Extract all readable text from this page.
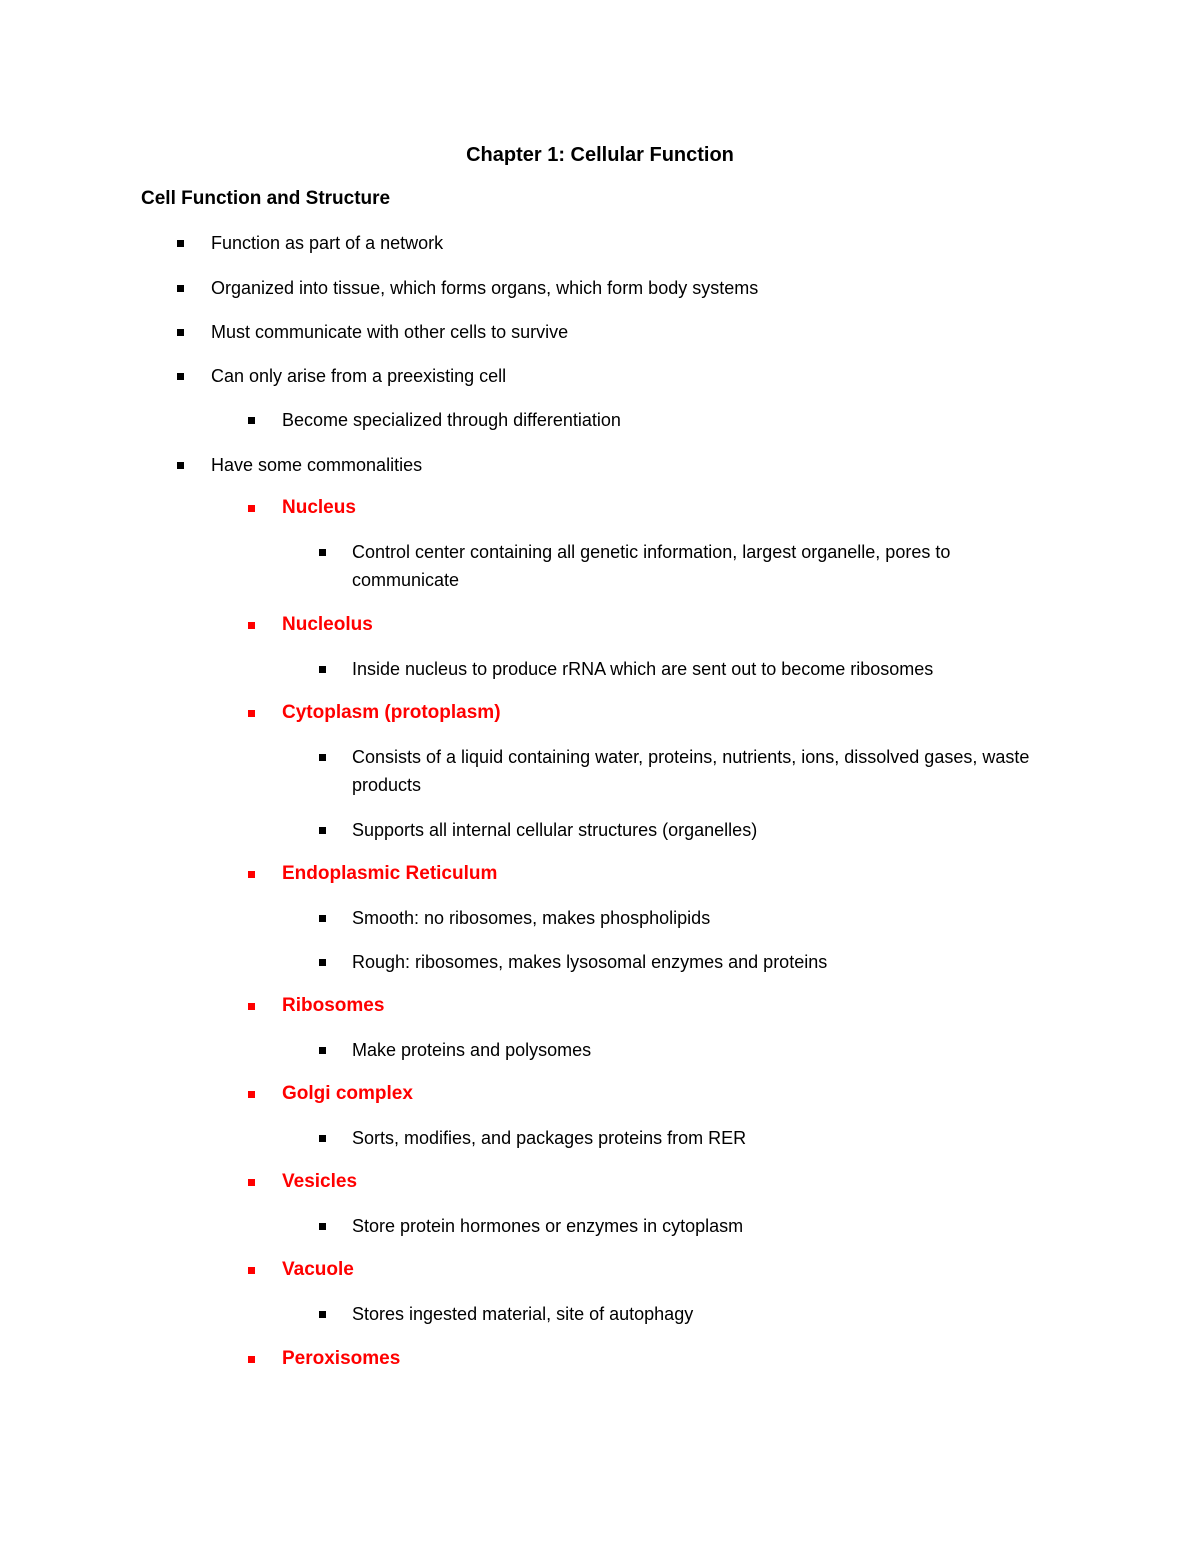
Chapter 1: Cellular Function
Cell Function and Structure
Function as part of a network
Organized into tissue, which forms organs, which form body systems
Must communicate with other cells to survive
Can only arise from a preexisting cell
Become specialized through differentiation
Have some commonalities
Nucleus
Control center containing all genetic information, largest organelle, pores to communicate
Nucleolus
Inside nucleus to produce rRNA which are sent out to become ribosomes
Cytoplasm (protoplasm)
Consists of a liquid containing water, proteins, nutrients, ions, dissolved gases, waste products
Supports all internal cellular structures (organelles)
Endoplasmic Reticulum
Smooth: no ribosomes, makes phospholipids
Rough: ribosomes, makes lysosomal enzymes and proteins
Ribosomes
Make proteins and polysomes
Golgi complex
Sorts, modifies, and packages proteins from RER
Vesicles
Store protein hormones or enzymes in cytoplasm
Vacuole
Stores ingested material, site of autophagy
Peroxisomes
